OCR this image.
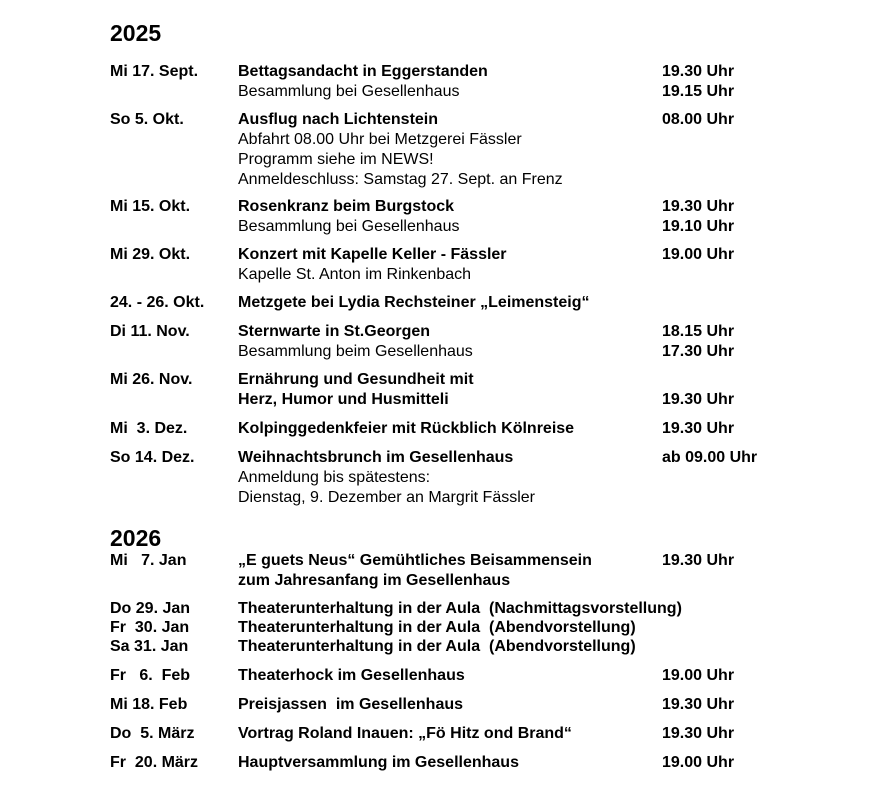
2025
Mi 17. Sept. Bettagsandacht in Eggerstanden	19.30 Uhr
Besammlung bei Gesellenhaus	19.15 Uhr
So 5. Okt.	Ausflug nach Lichtenstein	08.00 Uhr
Abfahrt 08.00 Uhr bei Metzgerei Fässler
Programm siehe im NEWS!
Anmeldeschluss: Samstag 27. Sept. an Frenz
Mi 15. Okt.	Rosenkranz beim Burgstock	19.30 Uhr
Besammlung bei Gesellenhaus	19.10 Uhr
Mi 29. Okt.	Konzert mit Kapelle Keller - Fässler	19.00 Uhr
Kapelle St. Anton im Rinkenbach
24. - 26. Okt. Metzgete bei Lydia Rechsteiner „Leimensteig“
Di 11. Nov.	Sternwarte in St.Georgen	18.15 Uhr
Besammlung beim Gesellenhaus	17.30 Uhr
Mi 26. Nov.	Ernährung und Gesundheit mit
Herz, Humor und Husmitteli	19.30 Uhr
Mi  3. Dez.	Kolpinggedenkfeier mit Rückblich Kölnreise	19.30 Uhr
So 14. Dez.	Weihnachtsbrunch im Gesellenhaus	ab 09.00 Uhr
Anmeldung bis spätestens:
Dienstag, 9. Dezember an Margrit Fässler
2026
Mi   7. Jan	„E guets Neus“ Gemühtliches Beisammensein	19.30 Uhr
zum Jahresanfang im Gesellenhaus
Do 29. Jan	Theaterunterhaltung in der Aula  (Nachmittagsvorstellung)
Fr  30. Jan	Theaterunterhaltung in der Aula  (Abendvorstellung)
Sa 31. Jan	Theaterunterhaltung in der Aula  (Abendvorstellung)
Fr   6.  Feb	Theaterhock im Gesellenhaus	19.00 Uhr
Mi 18. Feb	Preisjassen  im Gesellenhaus	19.30 Uhr
Do  5. März	Vortrag Roland Inauen: „Fö Hitz ond Brand“	19.30 Uhr
Fr  20. März Hauptversammlung im Gesellenhaus	19.00 Uhr
